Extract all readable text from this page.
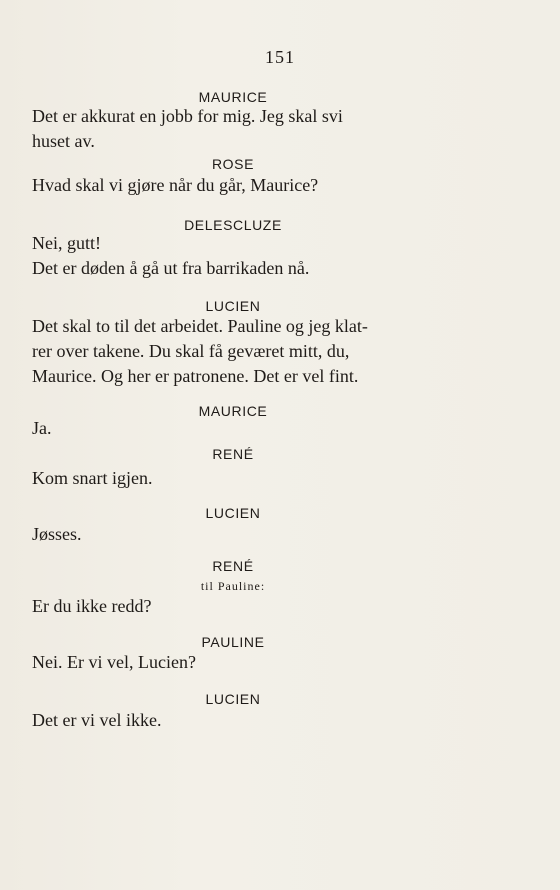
151
MAURICE
Det er akkurat en jobb for mig. Jeg skal svi
huset av.
ROSE
Hvad skal vi gjøre når du går, Maurice?
DELESCLUZE
Nei, gutt!
Det er døden å gå ut fra barrikaden nå.
LUCIEN
Det skal to til det arbeidet. Pauline og jeg klat-
rer over takene. Du skal få geværet mitt, du,
Maurice. Og her er patronene. Det er vel fint.
MAURICE
Ja.
RENÉ
Kom snart igjen.
LUCIEN
Jøsses.
RENÉ
til Pauline:
Er du ikke redd?
PAULINE
Nei. Er vi vel, Lucien?
LUCIEN
Det er vi vel ikke.
